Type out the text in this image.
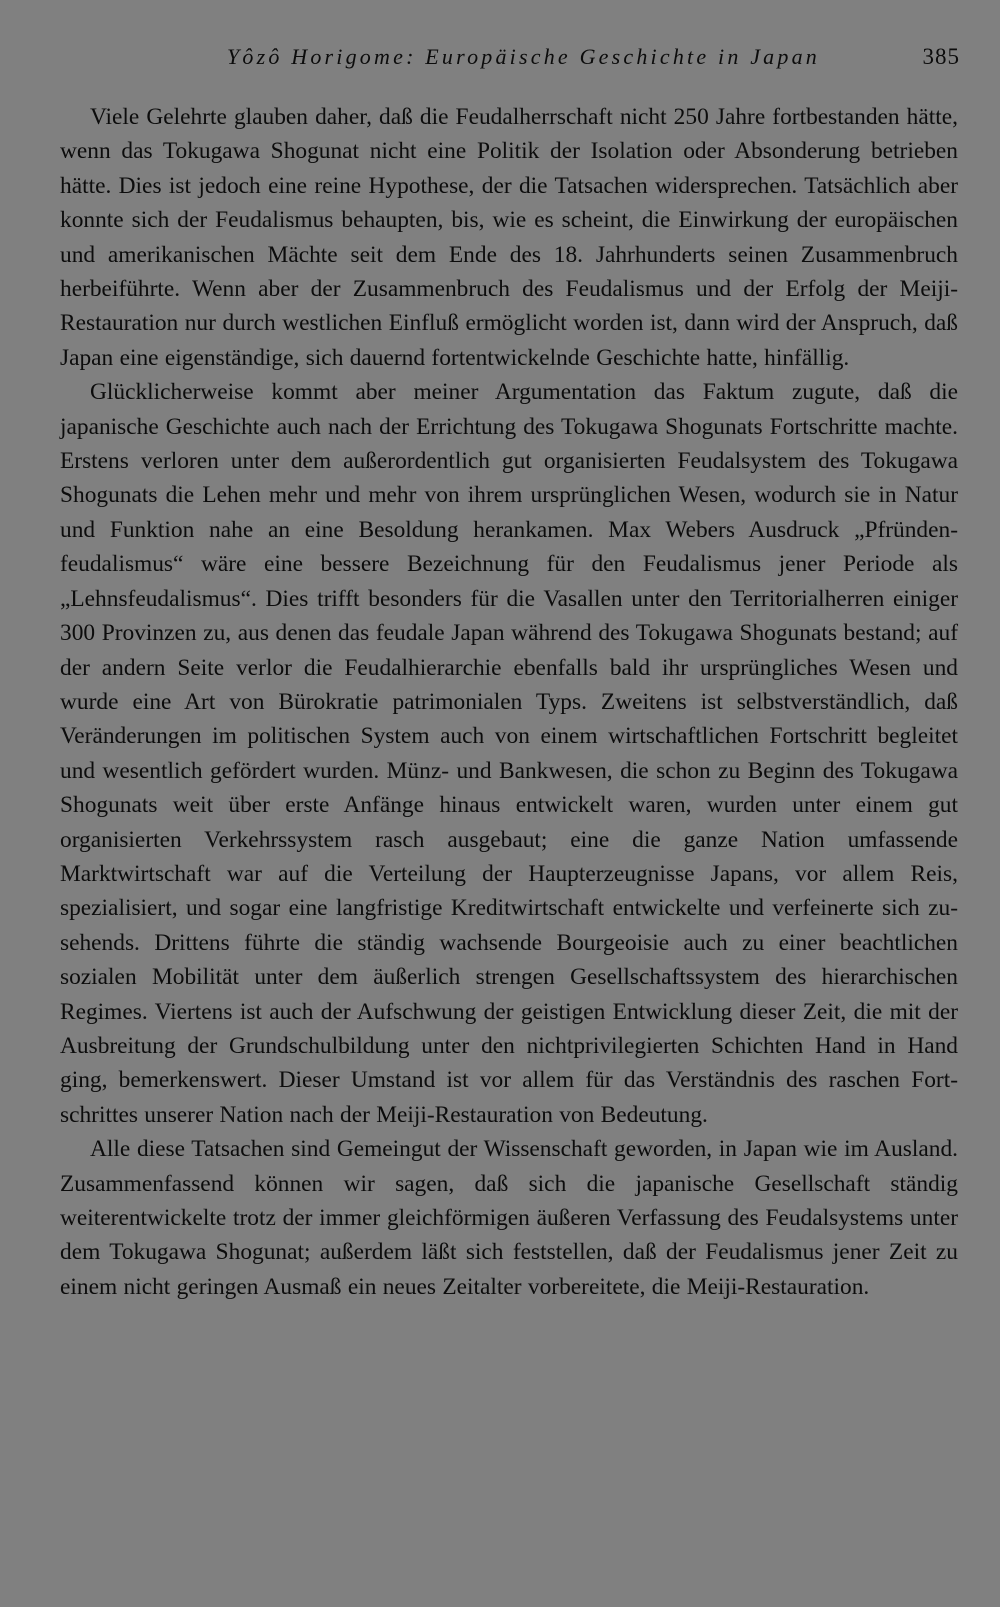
Yôzô Horigome: Europäische Geschichte in Japan	385

Viele Gelehrte glauben daher, daß die Feudalherrschaft nicht 250 Jahre fortbestanden hätte, wenn das Tokugawa Shogunat nicht eine Politik der Isolation oder Absonderung betrieben hätte. Dies ist jedoch eine reine Hypothese, der die Tatsachen widersprechen. Tatsächlich aber konnte sich der Feudalismus behaupten, bis, wie es scheint, die Einwirkung der europäischen und amerikanischen Mächte seit dem Ende des 18. Jahrhunderts seinen Zusammenbruch herbeiführte. Wenn aber der Zusammenbruch des Feudalismus und der Erfolg der Meiji-Restauration nur durch westlichen Einfluß ermöglicht worden ist, dann wird der Anspruch, daß Japan eine eigenständige, sich dauernd fortentwickelnde Geschichte hatte, hinfällig.

Glücklicherweise kommt aber meiner Argumentation das Faktum zugute, daß die japanische Geschichte auch nach der Errichtung des Tokugawa Shogunats Fortschritte machte. Erstens verloren unter dem außerordentlich gut organisierten Feudalsystem des Tokugawa Shogunats die Lehen mehr und mehr von ihrem ursprünglichen Wesen, wodurch sie in Natur und Funktion nahe an eine Besoldung herankamen. Max Webers Ausdruck „Pfründenfeudalismus“ wäre eine bessere Bezeichnung für den Feudalismus jener Periode als „Lehnsfeudalismus“. Dies trifft besonders für die Vasallen unter den Territorialherren einiger 300 Provinzen zu, aus denen das feudale Japan während des Tokugawa Shogunats bestand; auf der andern Seite verlor die Feudalhierarchie ebenfalls bald ihr ursprüngliches Wesen und wurde eine Art von Bürokratie patrimonialen Typs. Zweitens ist selbstverständlich, daß Veränderungen im politischen System auch von einem wirtschaftlichen Fortschritt begleitet und wesentlich gefördert wurden. Münz- und Bankwesen, die schon zu Beginn des Tokugawa Shogunats weit über erste Anfänge hinaus entwickelt waren, wurden unter einem gut organisierten Verkehrssystem rasch ausgebaut; eine die ganze Nation umfassende Marktwirtschaft war auf die Verteilung der Haupterzeugnisse Japans, vor allem Reis, spezialisiert, und sogar eine langfristige Kreditwirtschaft entwickelte und verfeinerte sich zusehends. Drittens führte die ständig wachsende Bourgeoisie auch zu einer beachtlichen sozialen Mobilität unter dem äußerlich strengen Gesellschaftssystem des hierarchischen Regimes. Viertens ist auch der Aufschwung der geistigen Entwicklung dieser Zeit, die mit der Ausbreitung der Grundschulbildung unter den nichtprivilegierten Schichten Hand in Hand ging, bemerkenswert. Dieser Umstand ist vor allem für das Verständnis des raschen Fortschrittes unserer Nation nach der Meiji-Restauration von Bedeutung.

Alle diese Tatsachen sind Gemeingut der Wissenschaft geworden, in Japan wie im Ausland. Zusammenfassend können wir sagen, daß sich die japanische Gesellschaft ständig weiterentwickelte trotz der immer gleichförmigen äußeren Verfassung des Feudalsystems unter dem Tokugawa Shogunat; außerdem läßt sich feststellen, daß der Feudalismus jener Zeit zu einem nicht geringen Ausmaß ein neues Zeitalter vorbereitete, die Meiji-Restauration.
